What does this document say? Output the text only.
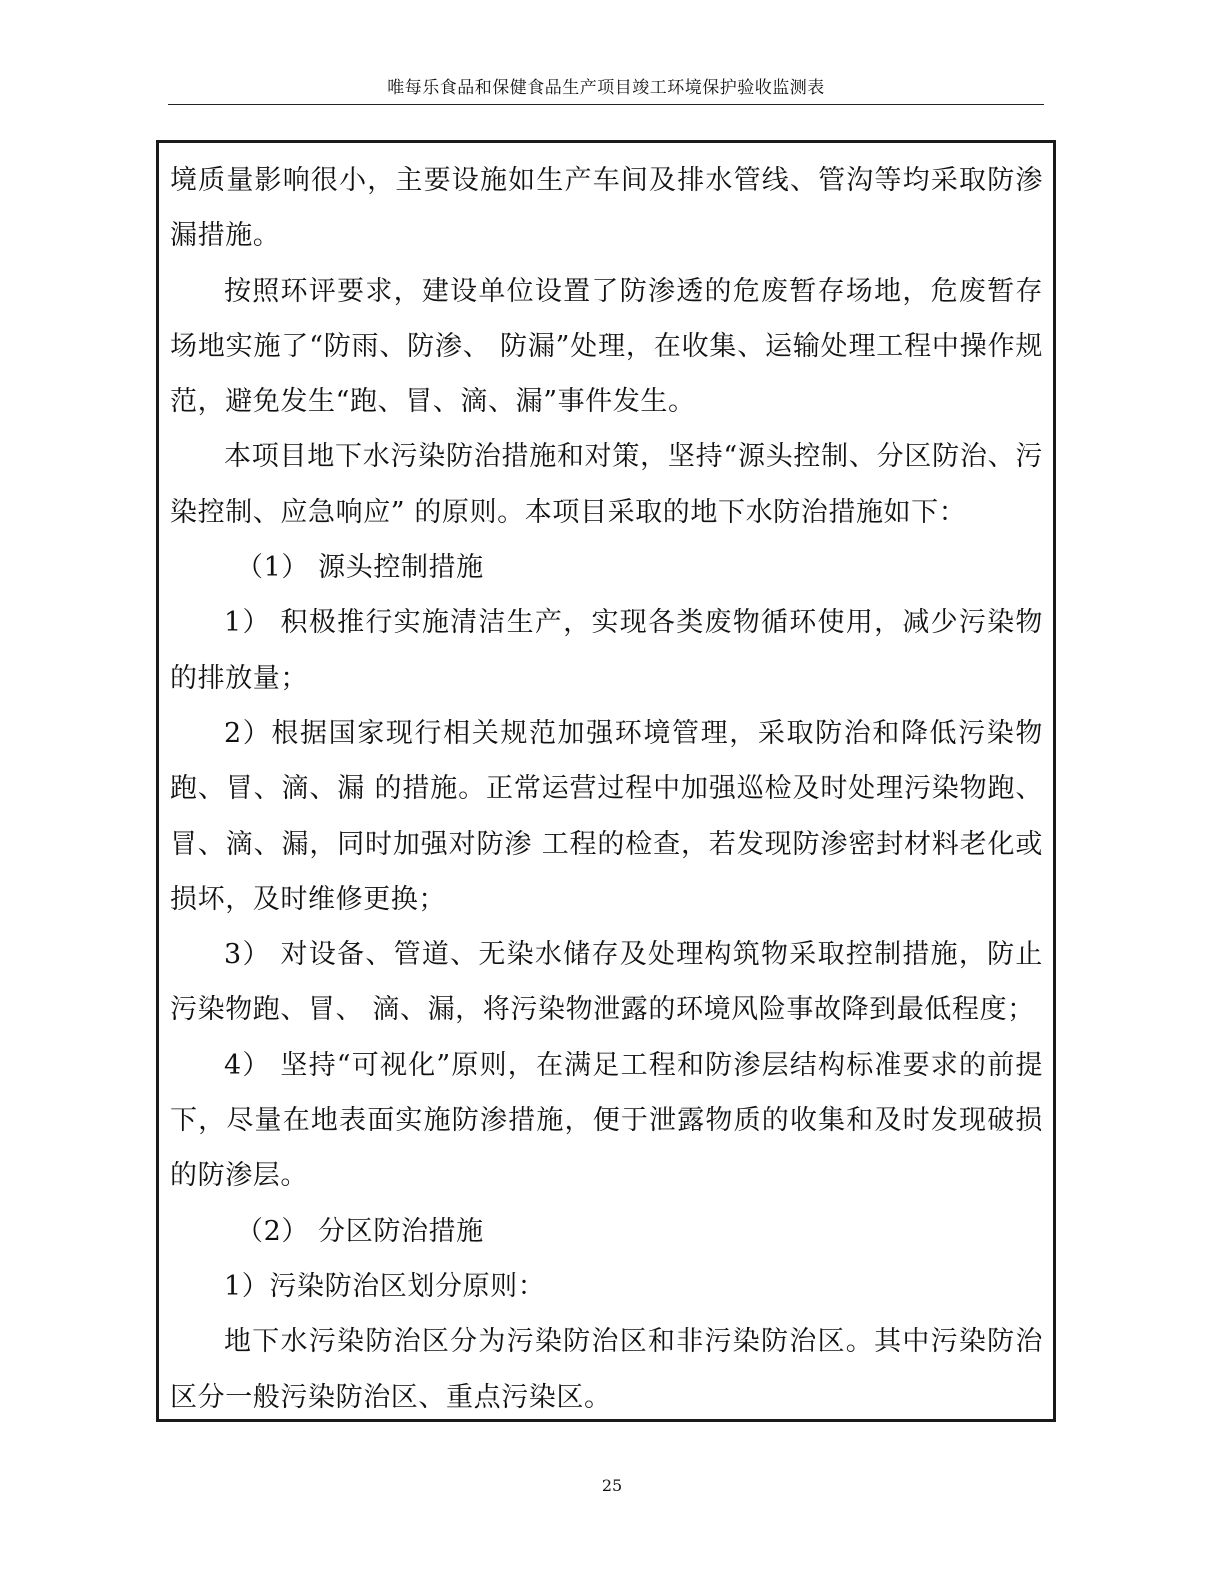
唯每乐食品和保健食品生产项目竣工环境保护验收监测表

境质量影响很小，主要设施如生产车间及排水管线、管沟等均采取防渗漏措施。

按照环评要求，建设单位设置了防渗透的危废暂存场地，危废暂存场地实施了“防雨、防渗、 防漏”处理，在收集、运输处理工程中操作规范，避免发生“跑、冒、滴、漏”事件发生。

本项目地下水污染防治措施和对策，坚持“源头控制、分区防治、污染控制、应急响应” 的原则。本项目采取的地下水防治措施如下：

（1） 源头控制措施

1） 积极推行实施清洁生产，实现各类废物循环使用，减少污染物的排放量；

2）根据国家现行相关规范加强环境管理，采取防治和降低污染物跑、冒、滴、漏 的措施。正常运营过程中加强巡检及时处理污染物跑、冒、滴、漏，同时加强对防渗 工程的检查，若发现防渗密封材料老化或损坏，及时维修更换；

3） 对设备、管道、无染水储存及处理构筑物采取控制措施，防止污染物跑、冒、 滴、漏，将污染物泄露的环境风险事故降到最低程度；

4） 坚持“可视化”原则，在满足工程和防渗层结构标准要求的前提下，尽量在地表面实施防渗措施，便于泄露物质的收集和及时发现破损的防渗层。

（2） 分区防治措施

1）污染防治区划分原则：

地下水污染防治区分为污染防治区和非污染防治区。其中污染防治区分一般污染防治区、重点污染区。

25
